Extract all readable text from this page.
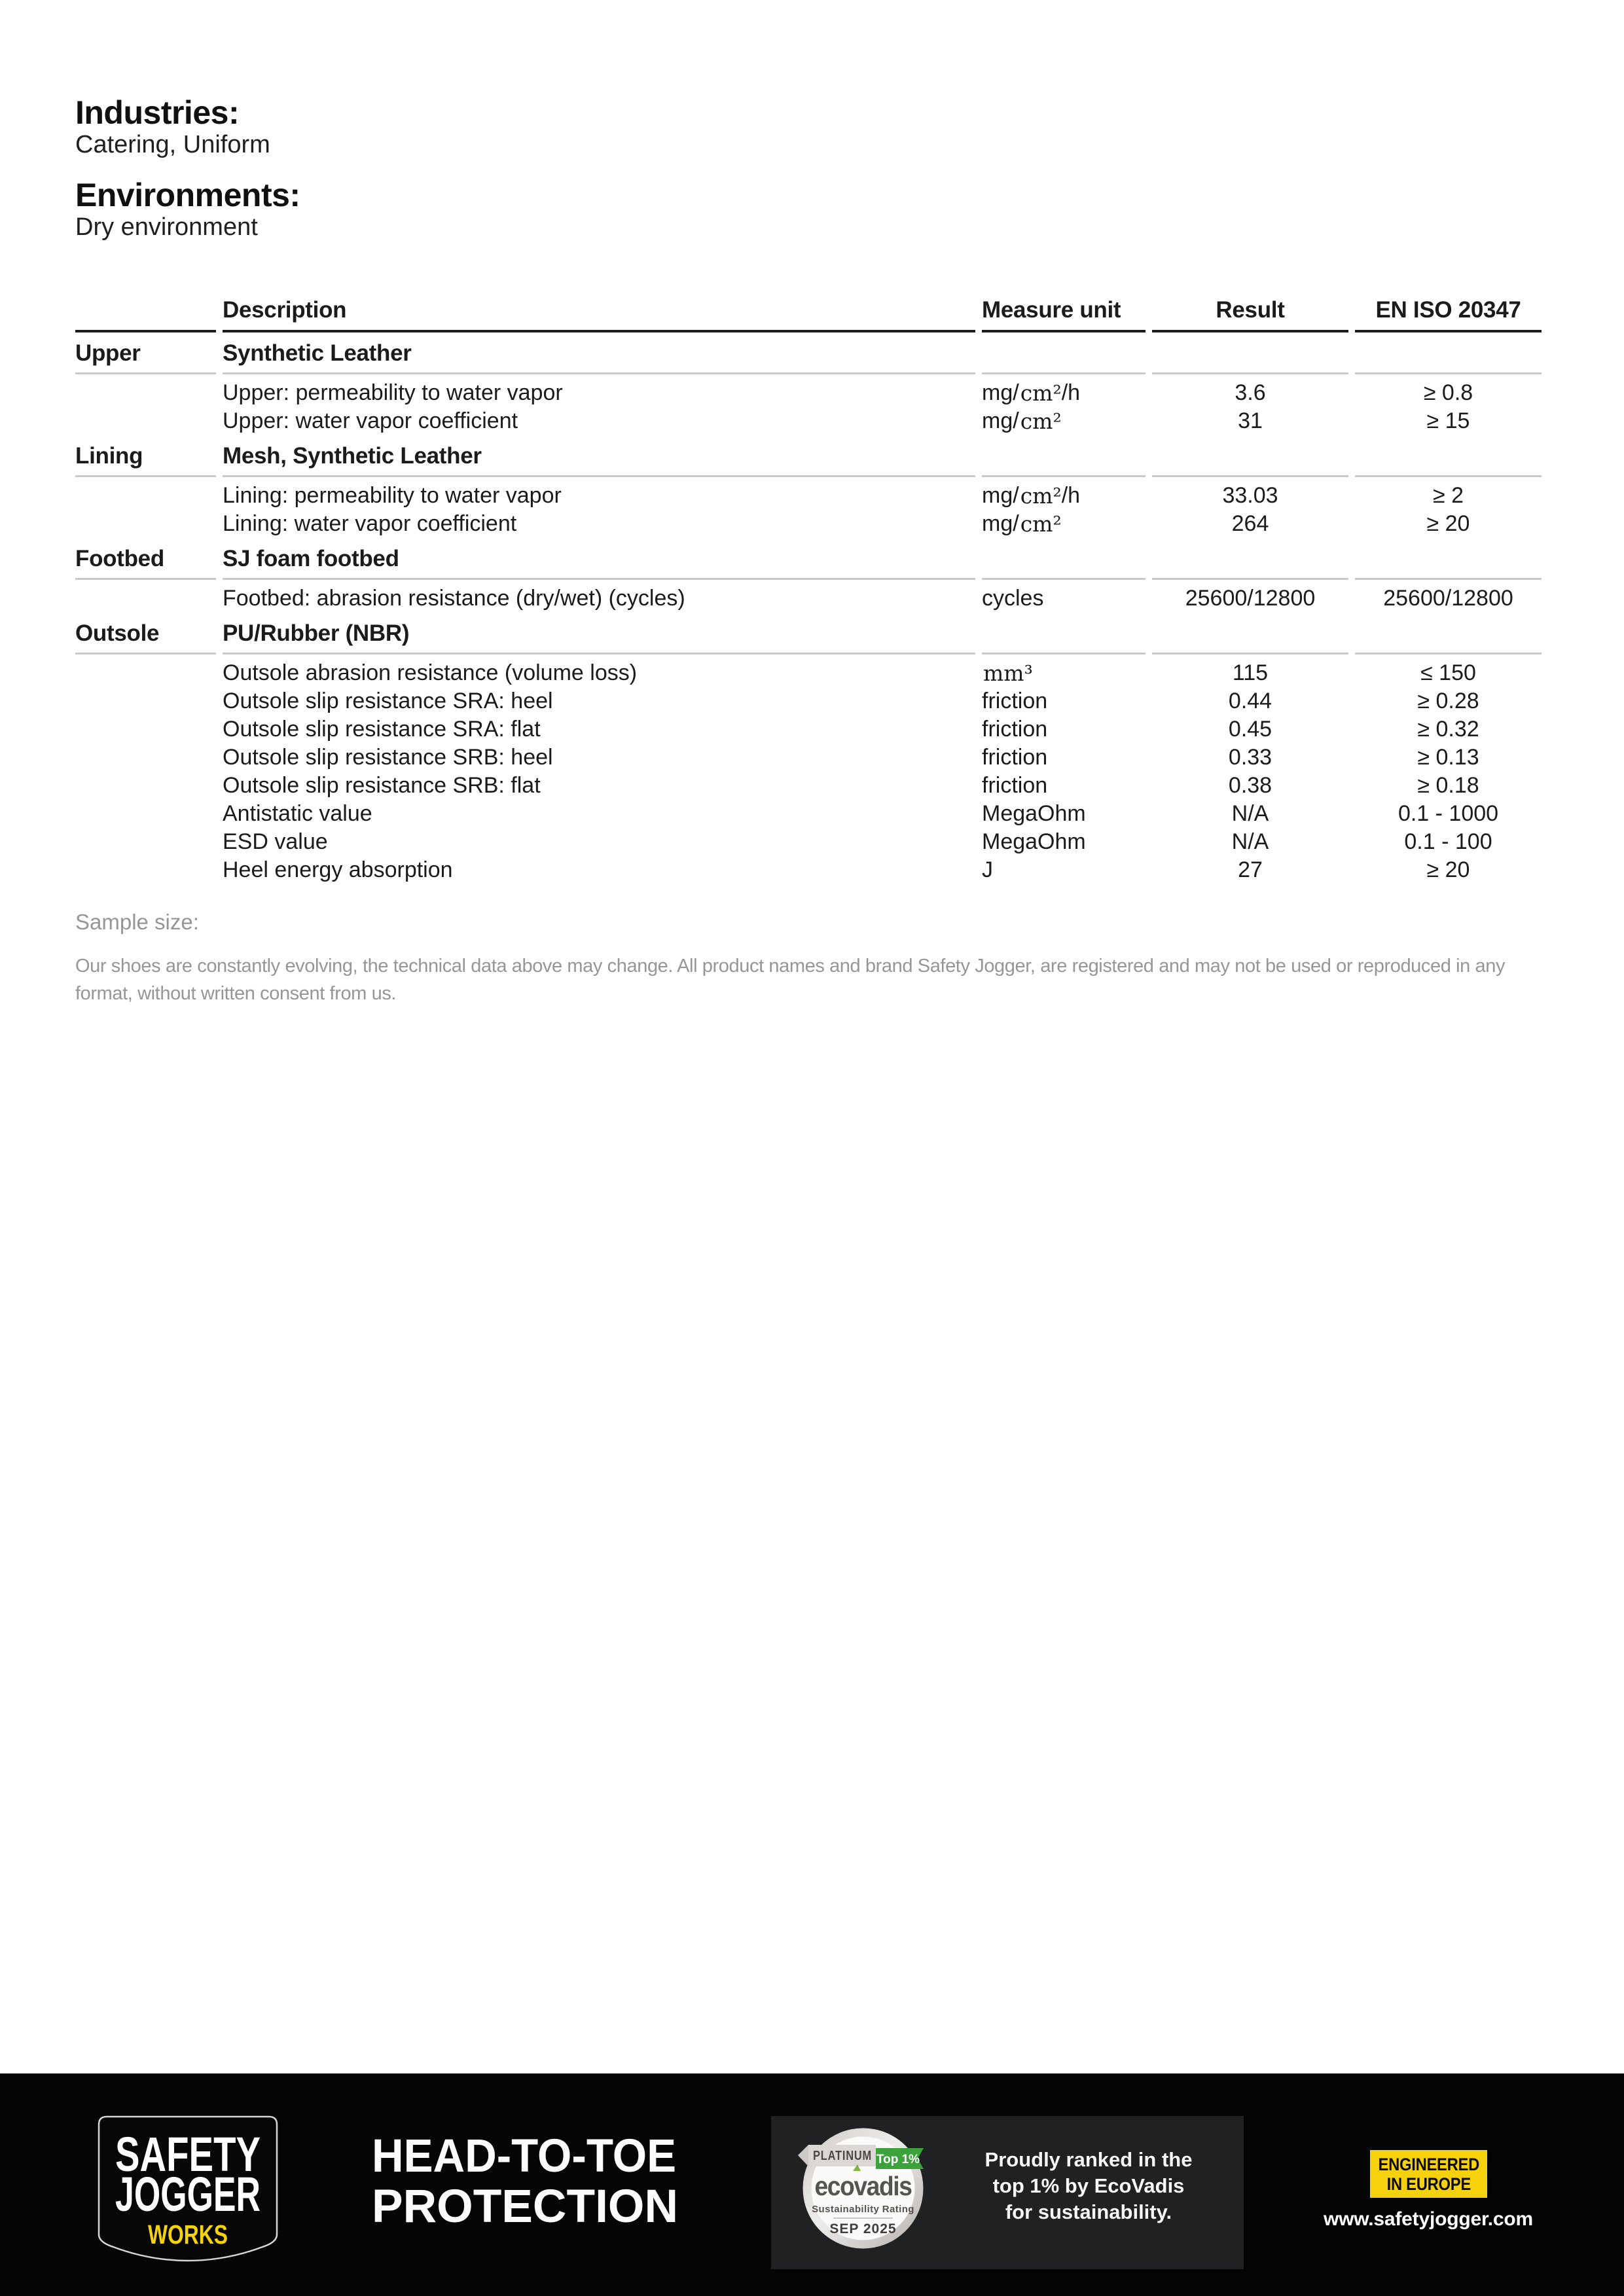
Industries:
Catering, Uniform
Environments:
Dry environment
Description	Measure unit	Result	EN ISO 20347
Upper	Synthetic Leather
Upper: permeability to water vapor	mg/ cm² /h	3.6	≥ 0.8
Upper: water vapor coefficient	mg/ cm²	31	≥ 15
Lining	Mesh, Synthetic Leather
Lining: permeability to water vapor	mg/ cm² /h	33.03	≥ 2
Lining: water vapor coefficient	mg/ cm²	264	≥ 20
Footbed	SJ foam footbed
Footbed: abrasion resistance (dry/wet) (cycles)	cycles	25600/12800	25600/12800
Outsole	PU/Rubber (NBR)
Outsole abrasion resistance (volume loss)	mm³	115	≤ 150
Outsole slip resistance SRA: heel	friction	0.44	≥ 0.28
Outsole slip resistance SRA: flat	friction	0.45	≥ 0.32
Outsole slip resistance SRB: heel	friction	0.33	≥ 0.13
Outsole slip resistance SRB: flat	friction	0.38	≥ 0.18
Antistatic value	MegaOhm	N/A	0.1 - 1000
ESD value	MegaOhm	N/A	0.1 - 100
Heel energy absorption	J	27	≥ 20
Sample size:
Our shoes are constantly evolving, the technical data above may change. All product names and brand Safety Jogger, are registered and may not be used or reproduced in any format, without written consent from us.
SAFETY
JOGGER
WORKS
HEAD-TO-TOE
PROTECTION
PLATINUM Top 1%
ecovadis
Sustainability Rating
SEP 2025
Proudly ranked in the
top 1% by EcoVadis
for sustainability.
ENGINEERED
IN EUROPE
www.safetyjogger.com
